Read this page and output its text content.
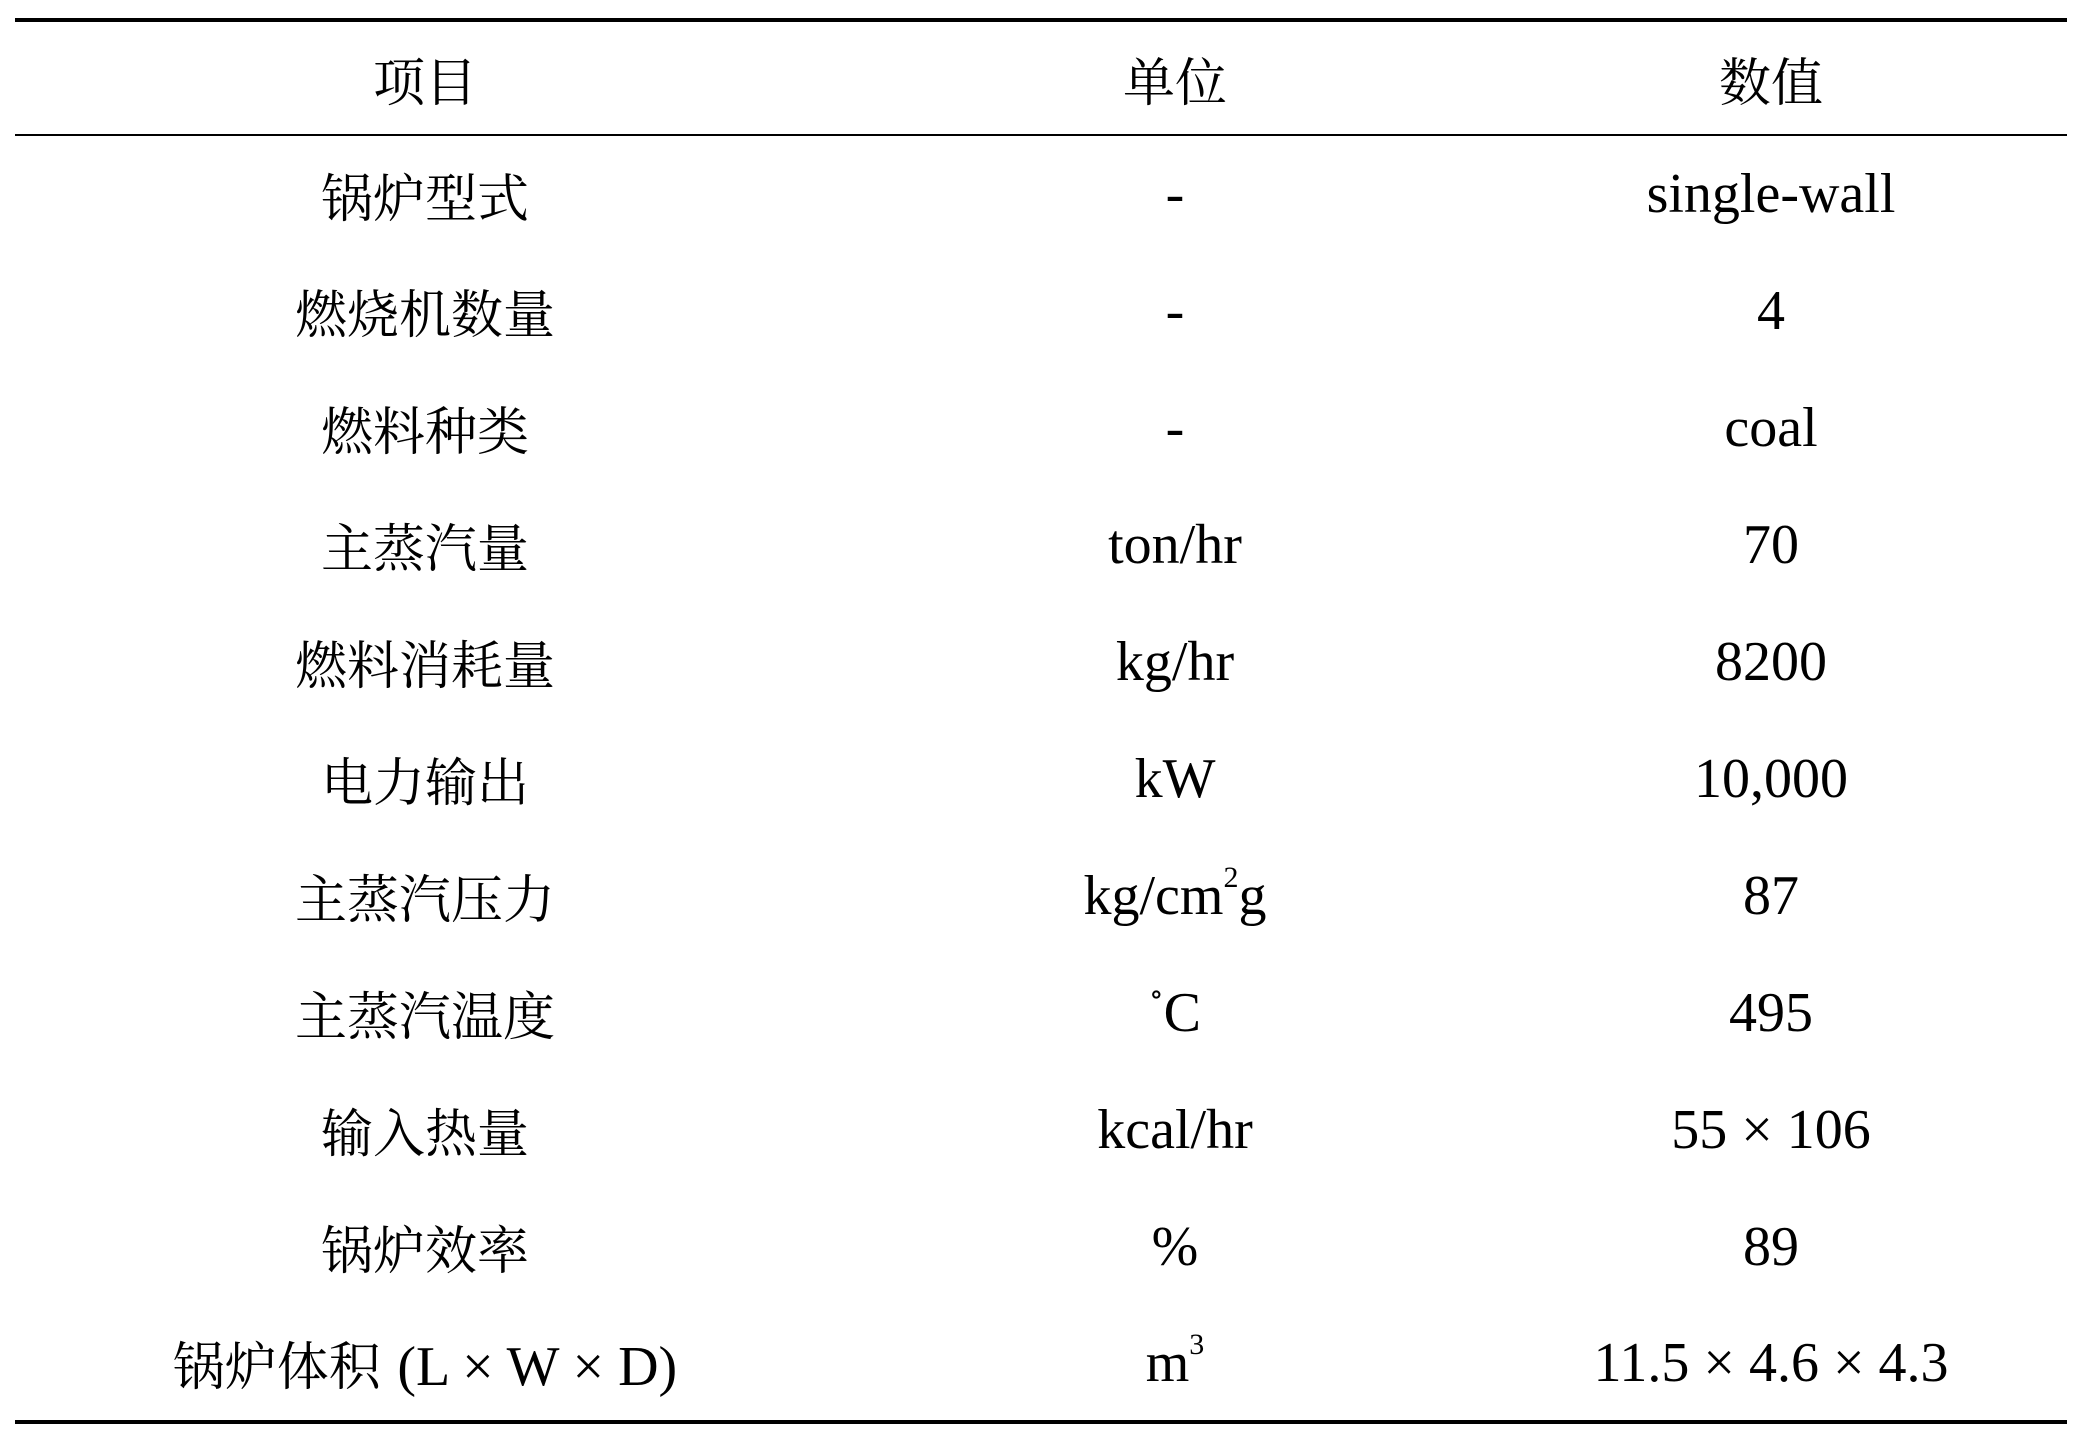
项目	单位	数值
锅炉型式	-	single-wall
燃烧机数量	-	4
燃料种类	-	coal
主蒸汽量	ton/hr	70
燃料消耗量	kg/hr	8200
电力输出	kW	10,000
主蒸汽压力	$kg/cm^2g$	87
主蒸汽温度	∘C	495
输入热量	kcal/hr	55 × 106
锅炉效率	%	89
锅炉体积 (L × W × D)	$m^3$	11.5 × 4.6 × 4.3
